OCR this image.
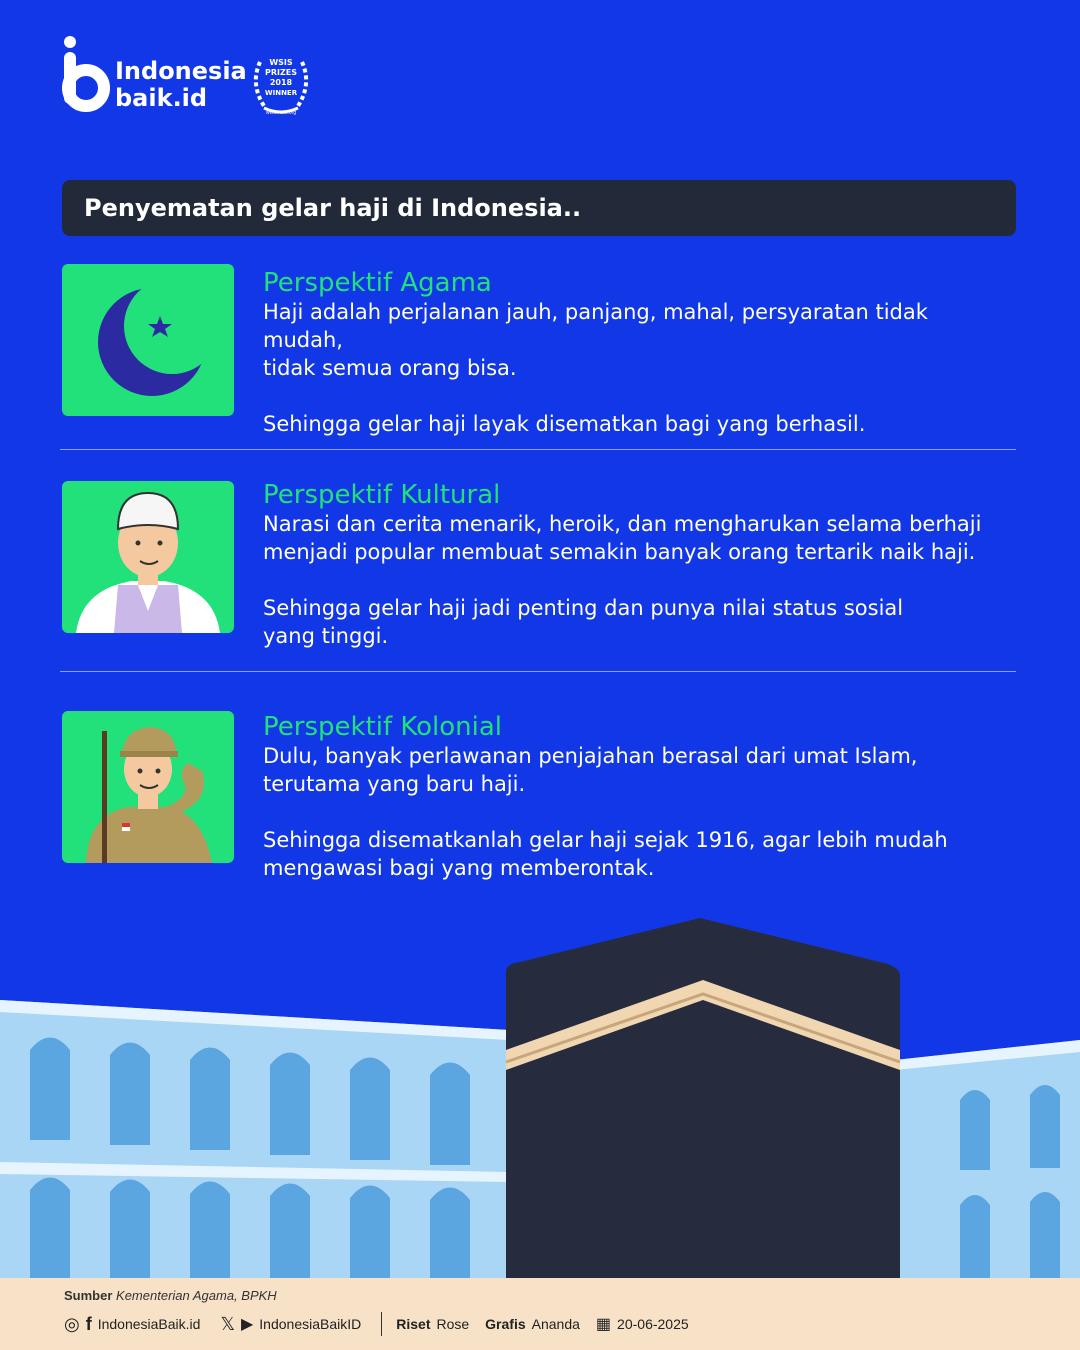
Indonesia
baik.id
WSIS
PRIZES
2018
WINNER
www.wsis.org
Penyematan gelar haji di Indonesia..
Perspektif Agama
Haji adalah perjalanan jauh, panjang, mahal, persyaratan tidak mudah,
tidak semua orang bisa.
Sehingga gelar haji layak disematkan bagi yang berhasil.
Perspektif Kultural
Narasi dan cerita menarik, heroik, dan mengharukan selama berhaji
menjadi popular membuat semakin banyak orang tertarik naik haji.
Sehingga gelar haji jadi penting dan punya nilai status sosial
yang tinggi.
Perspektif Kolonial
Dulu, banyak perlawanan penjajahan berasal dari umat Islam,
terutama yang baru haji.
Sehingga disematkanlah gelar haji sejak 1916, agar lebih mudah
mengawasi bagi yang memberontak.
Sumber Kementerian Agama, BPKH
◎ f IndonesiaBaik.id 𝕏 ▶ IndonesiaBaikID	Riset Rose Grafis Ananda ▦ 20-06-2025
